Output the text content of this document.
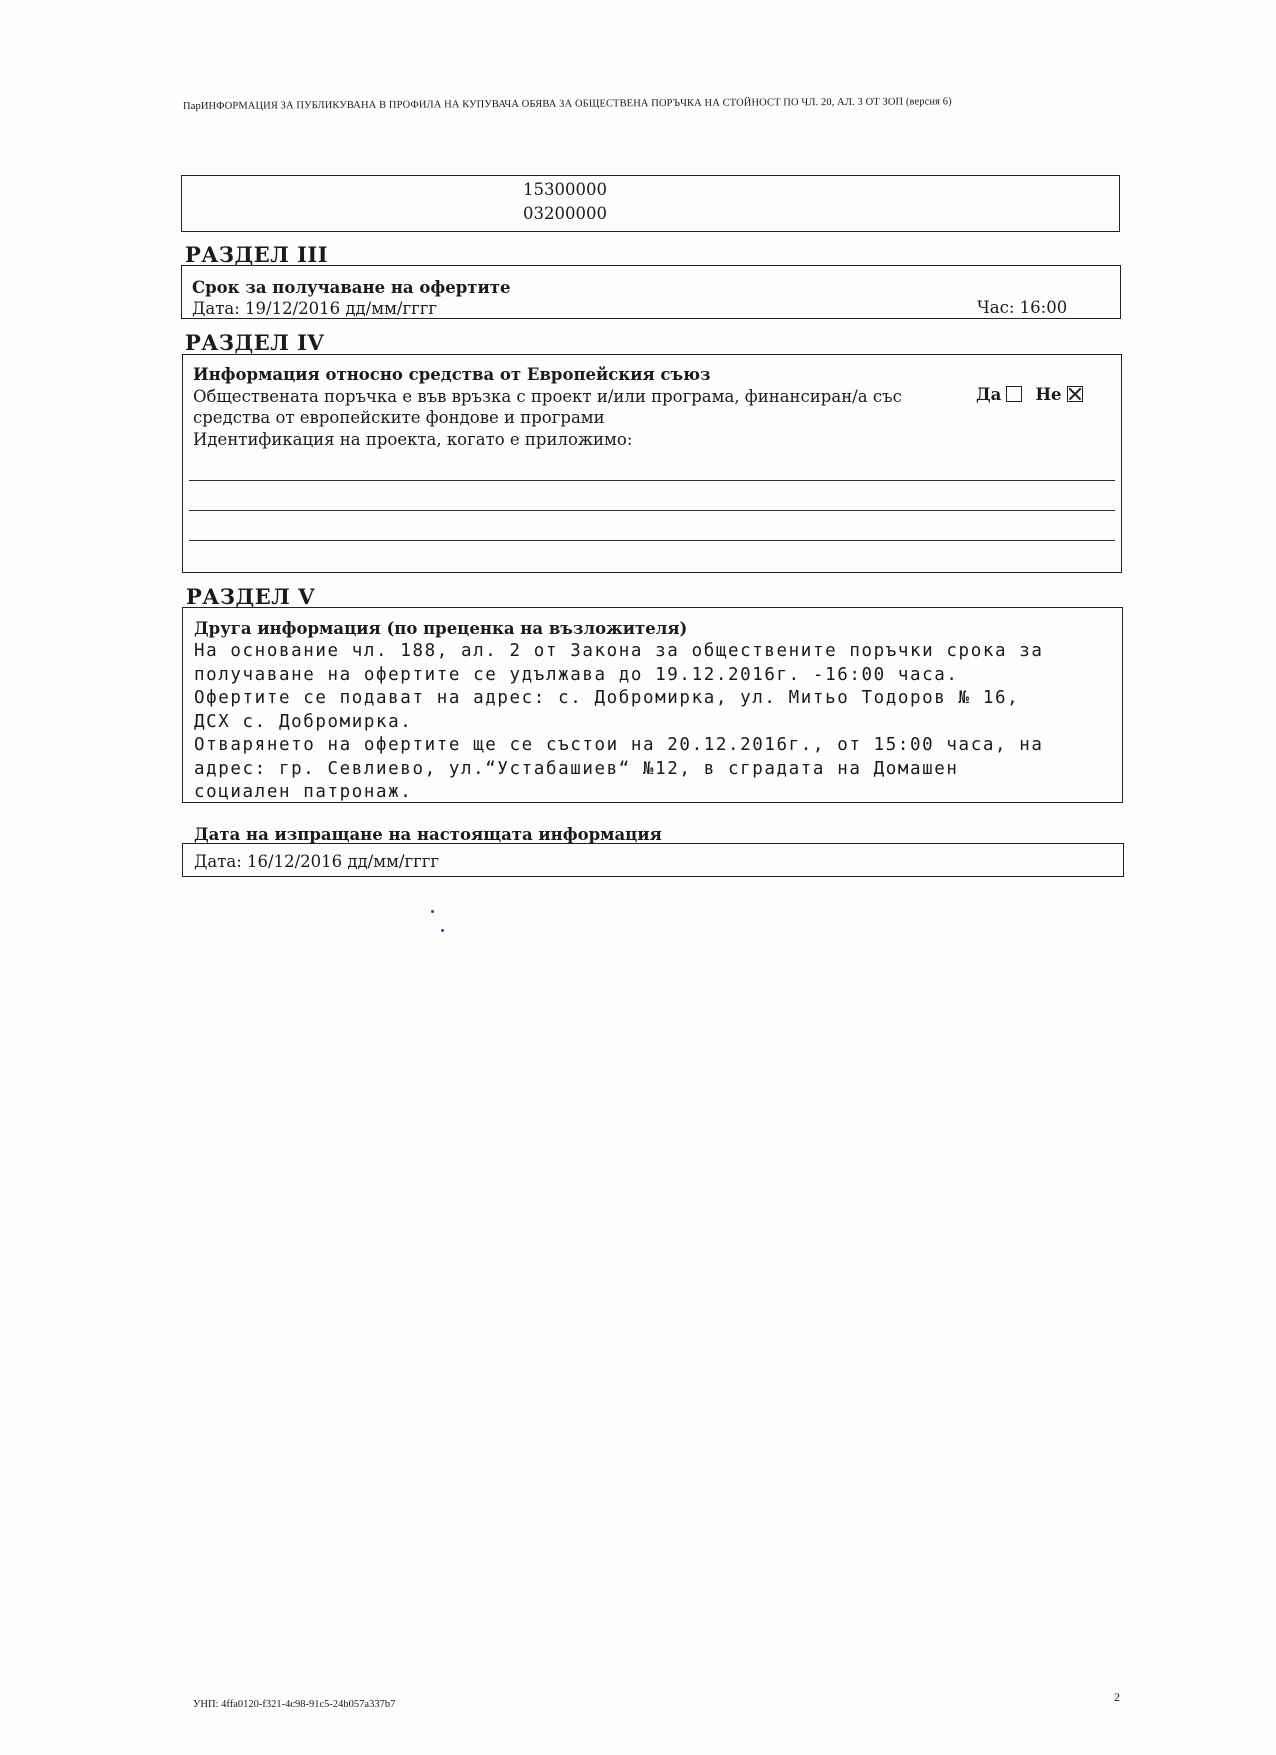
ПарИНФОРМАЦИЯ ЗА ПУБЛИКУВАНА В ПРОФИЛА НА КУПУВАЧА ОБЯВА ЗА ОБЩЕСТВЕНА ПОРЪЧКА НА СТОЙНОСТ ПО ЧЛ. 20, АЛ. 3 ОТ ЗОП (версия 6)
15300000
03200000
РАЗДЕЛ III
Срок за получаване на офертите
Дата: 19/12/2016 дд/мм/гггг	Час: 16:00
РАЗДЕЛ IV
Информация относно средства от Европейския съюз
Обществената поръчка е във връзка с проект и/или програма, финансиран/а със
средства от европейските фондове и програми
Идентификация на проекта, когато е приложимо:
Да Не
РАЗДЕЛ V
Друга информация (по преценка на възложителя)
На основание чл. 188, ал. 2 от Закона за обществените поръчки срока за
получаване на офертите се удължава до 19.12.2016г. -16:00 часа.
Офертите се подават на адрес: с. Добромирка, ул. Митьо Тодоров № 16,
ДСХ с. Добромирка.
Отварянето на офертите ще се състои на 20.12.2016г., от 15:00 часа, на
адрес: гр. Севлиево, ул.“Устабашиев“ №12, в сградата на Домашен
социален патронаж.
Дата на изпращане на настоящата информация
Дата: 16/12/2016 дд/мм/гггг
УНП: 4ffa0120-f321-4c98-91c5-24b057a337b7
2
